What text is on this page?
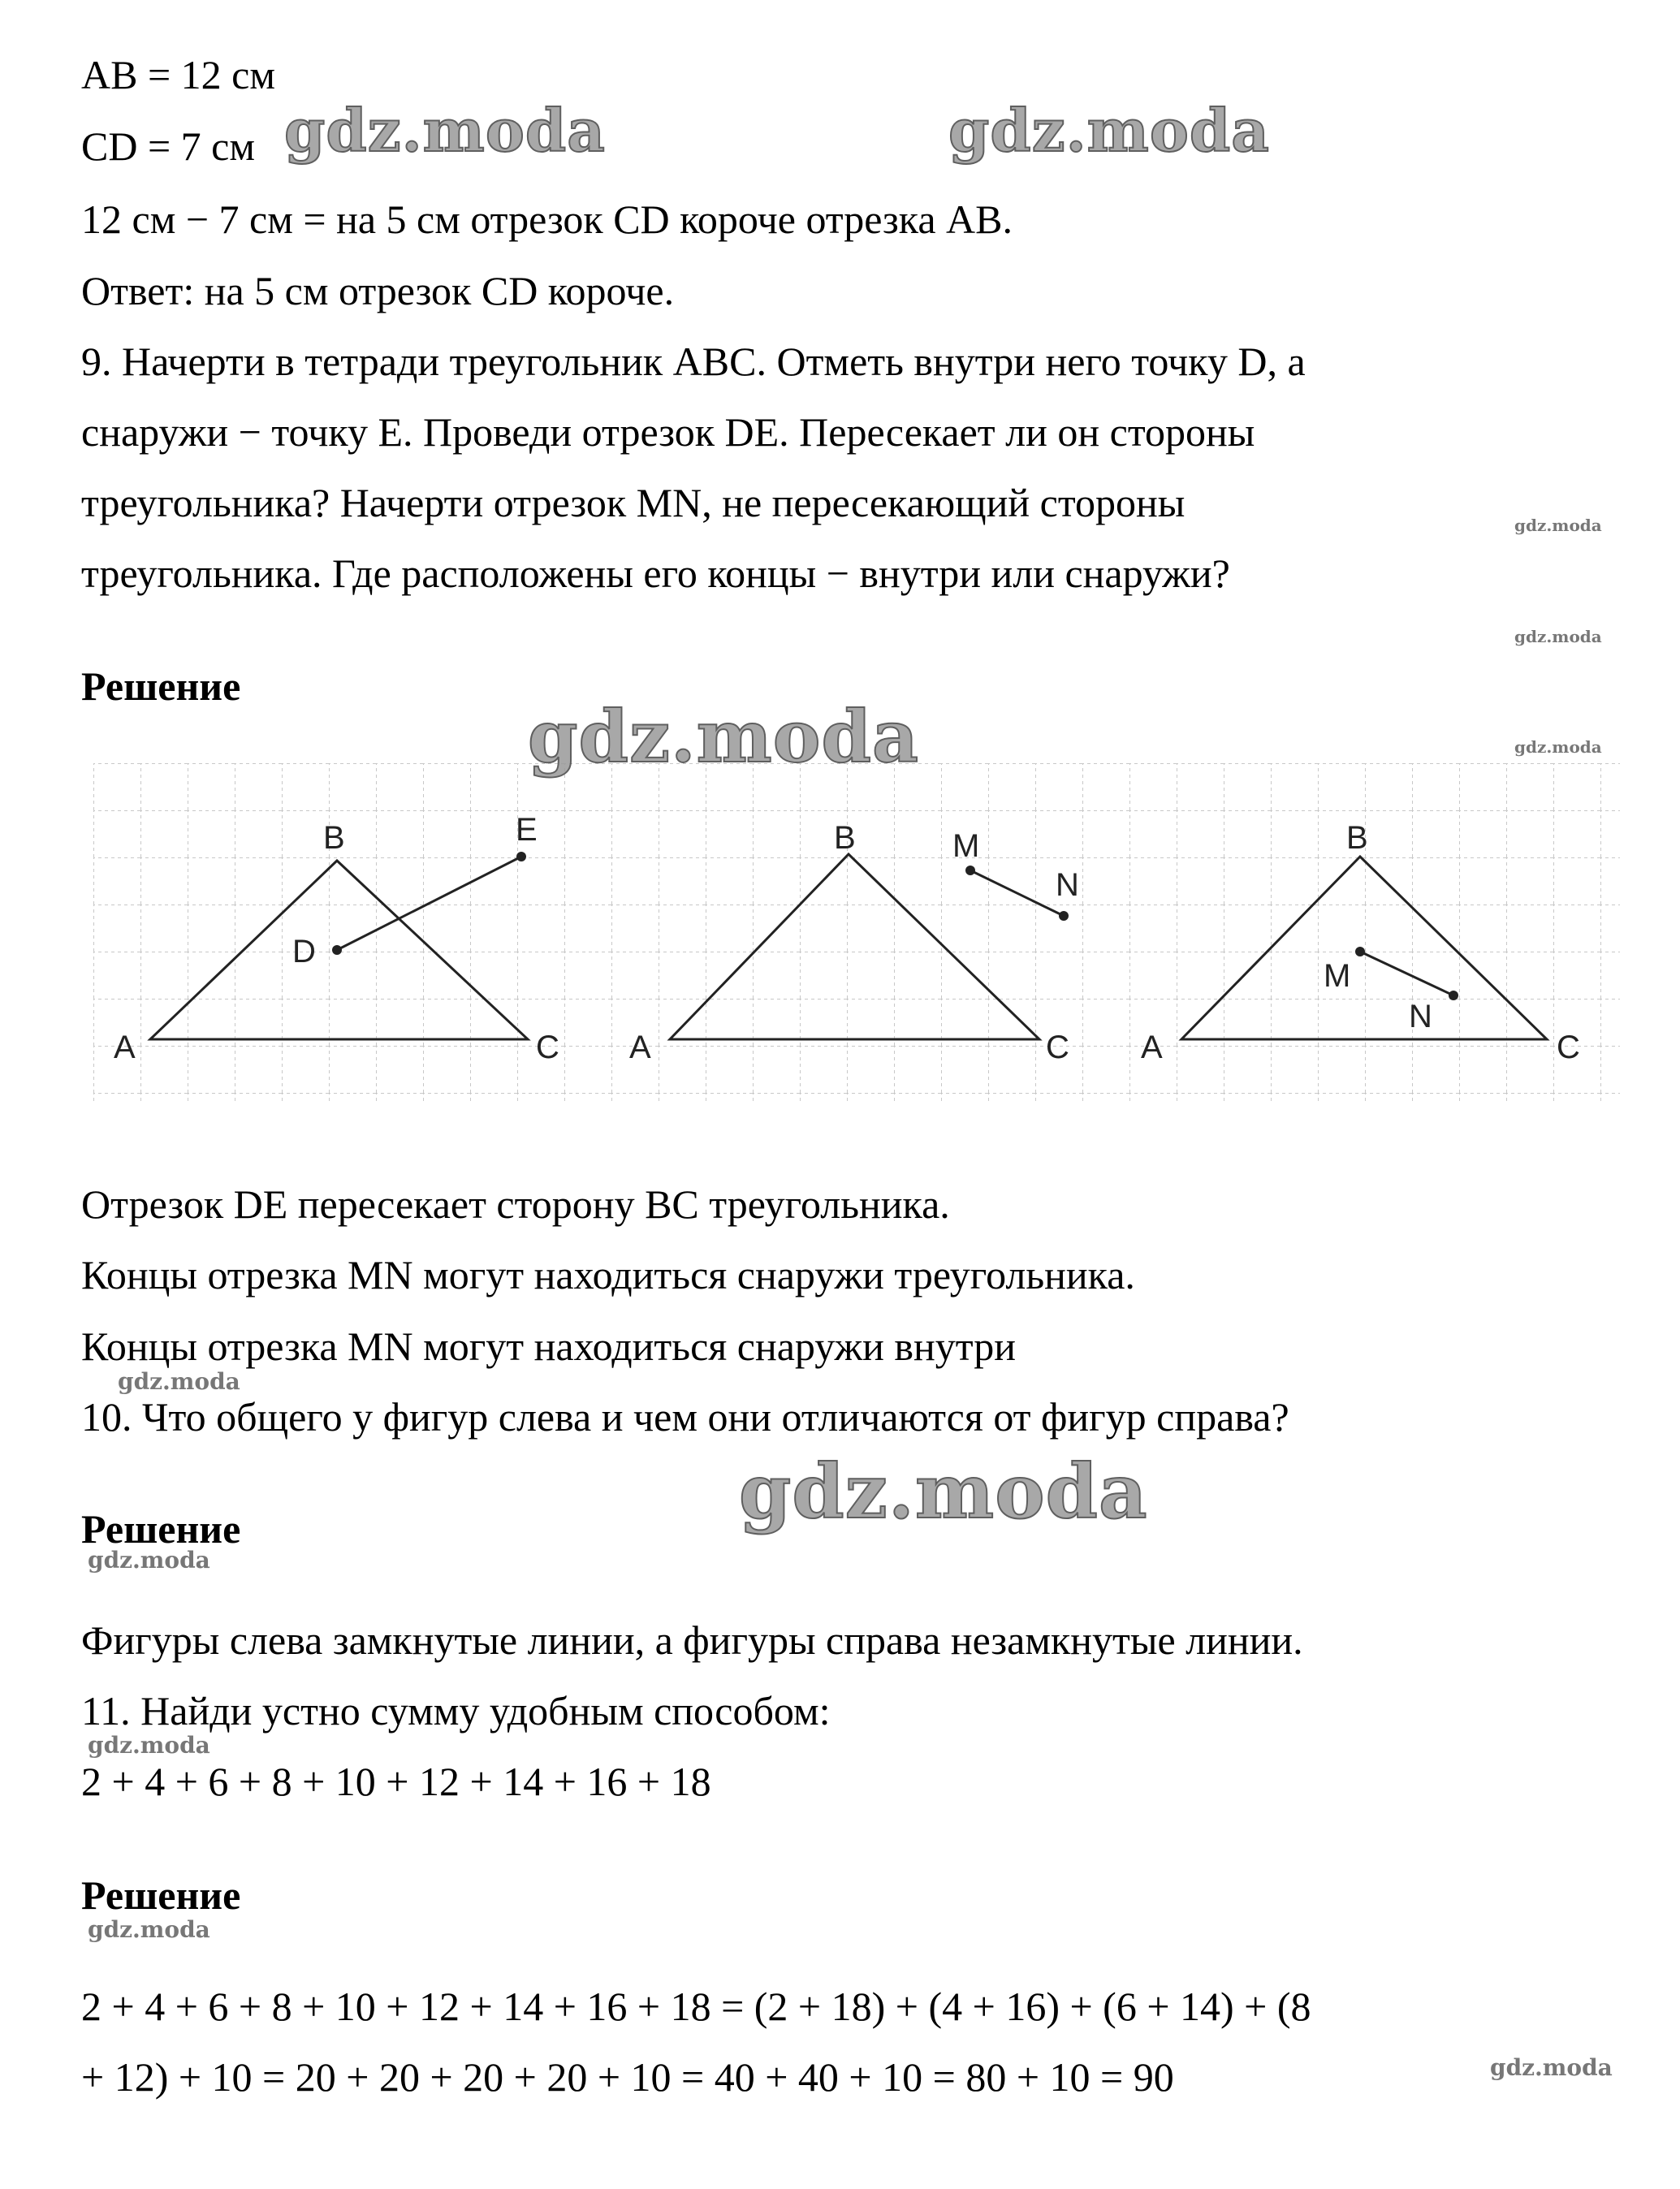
AB = 12 см
CD = 7 см
12 см − 7 см = на 5 см отрезок CD короче отрезка AB.
Ответ: на 5 см отрезок CD короче.
9. Начерти в тетради треугольник ABC. Отметь внутри него точку D, а
снаружи − точку E. Проведи отрезок DE. Пересекает ли он стороны
треугольника? Начерти отрезок MN, не пересекающий стороны
треугольника. Где расположены его концы − внутри или снаружи?
Решение
A
B
C
D
E
A
B
C
M
N
A
B
C
M
N
Отрезок DE пересекает сторону BC треугольника.
Концы отрезка MN могут находиться снаружи треугольника.
Концы отрезка MN могут находиться снаружи внутри
10. Что общего у фигур слева и чем они отличаются от фигур справа?
Решение
Фигуры слева замкнутые линии, а фигуры справа незамкнутые линии.
11. Найди устно сумму удобным способом:
2 + 4 + 6 + 8 + 10 + 12 + 14 + 16 + 18
Решение
2 + 4 + 6 + 8 + 10 + 12 + 14 + 16 + 18 = (2 + 18) + (4 + 16) + (6 + 14) + (8
+ 12) + 10 = 20 + 20 + 20 + 20 + 10 = 40 + 40 + 10 = 80 + 10 = 90
gdz.moda	gdz.moda
gdz.moda
gdz.moda
gdz.moda
gdz.moda
gdz.moda
gdz.moda
gdz.moda
gdz.moda
gdz.moda
gdz.moda
